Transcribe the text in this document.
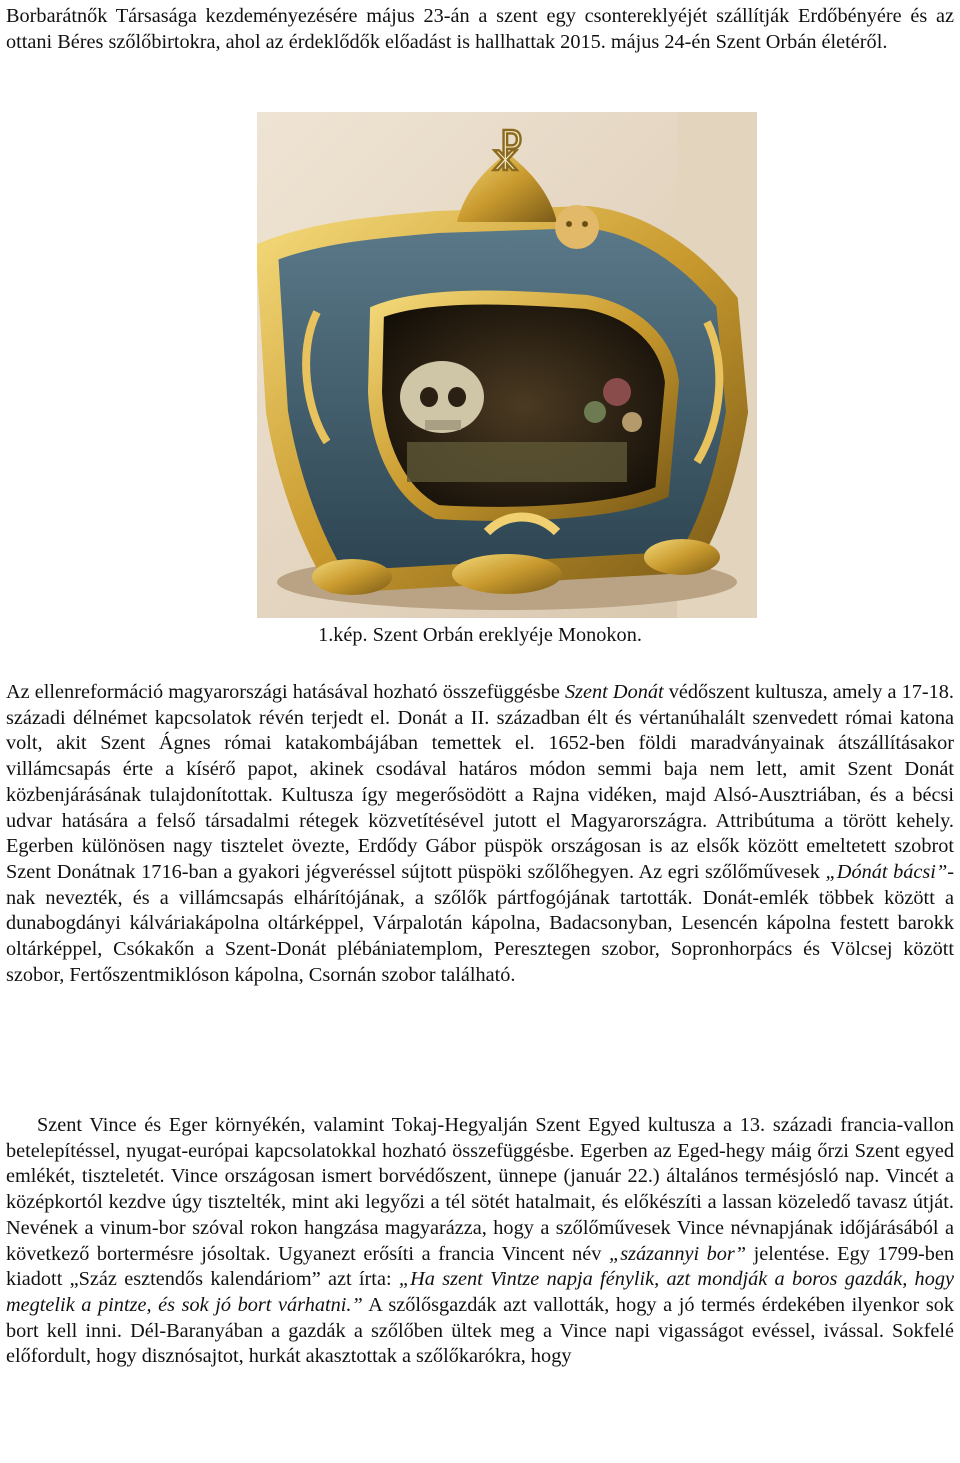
Borbarátnők Társasága kezdeményezésére május 23-án a szent egy csontereklyéjét szállítják Erdőbényére és az ottani Béres szőlőbirtokra, ahol az érdeklődők előadást is hallhattak 2015. május 24-én Szent Orbán életéről.

☧

1.kép. Szent Orbán ereklyéje Monokon.

Az ellenreformáció magyarországi hatásával hozható összefüggésbe Szent Donát védőszent kultusza, amely a 17-18. századi délnémet kapcsolatok révén terjedt el. Donát a II. században élt és vértanúhalált szenvedett római katona volt, akit Szent Ágnes római katakombájában temettek el. 1652-ben földi maradványainak átszállításakor villámcsapás érte a kísérő papot, akinek csodával határos módon semmi baja nem lett, amit Szent Donát közbenjárásának tulajdonítottak. Kultusza így megerősödött a Rajna vidéken, majd Alsó-Ausztriában, és a bécsi udvar hatására a felső társadalmi rétegek közvetítésével jutott el Magyarországra. Attribútuma a törött kehely. Egerben különösen nagy tisztelet övezte, Erdődy Gábor püspök országosan is az elsők között emeltetett szobrot Szent Donátnak 1716-ban a gyakori jégveréssel sújtott püspöki szőlőhegyen. Az egri szőlőművesek „Dónát bácsi”-nak nevezték, és a villámcsapás elhárítójának, a szőlők pártfogójának tartották. Donát-emlék többek között a dunabogdányi kálváriakápolna oltárképpel, Várpalotán kápolna, Badacsonyban, Lesencén kápolna festett barokk oltárképpel, Csókakőn a Szent-Donát plébániatemplom, Peresztegen szobor, Sopronhorpács és Völcsej között szobor, Fertőszentmiklóson kápolna, Csornán szobor található.

Szent Vince és Eger környékén, valamint Tokaj-Hegyalján Szent Egyed kultusza a 13. századi francia-vallon betelepítéssel, nyugat-európai kapcsolatokkal hozható összefüggésbe. Egerben az Eged-hegy máig őrzi Szent egyed emlékét, tiszteletét. Vince országosan ismert borvédőszent, ünnepe (január 22.) általános termésjósló nap. Vincét a középkortól kezdve úgy tisztelték, mint aki legyőzi a tél sötét hatalmait, és előkészíti a lassan közeledő tavasz útját. Nevének a vinum-bor szóval rokon hangzása magyarázza, hogy a szőlőművesek Vince névnapjának időjárásából a következő bortermésre jósoltak. Ugyanezt erősíti a francia Vincent név „százannyi bor” jelentése. Egy 1799-ben kiadott „Száz esztendős kalendáriom” azt írta: „Ha szent Vintze napja fénylik, azt mondják a boros gazdák, hogy megtelik a pintze, és sok jó bort várhatni.” A szőlősgazdák azt vallották, hogy a jó termés érdekében ilyenkor sok bort kell inni. Dél-Baranyában a gazdák a szőlőben ültek meg a Vince napi vigasságot evéssel, ivással. Sokfelé előfordult, hogy disznósajtot, hurkát akasztottak a szőlőkarókra, hogy
